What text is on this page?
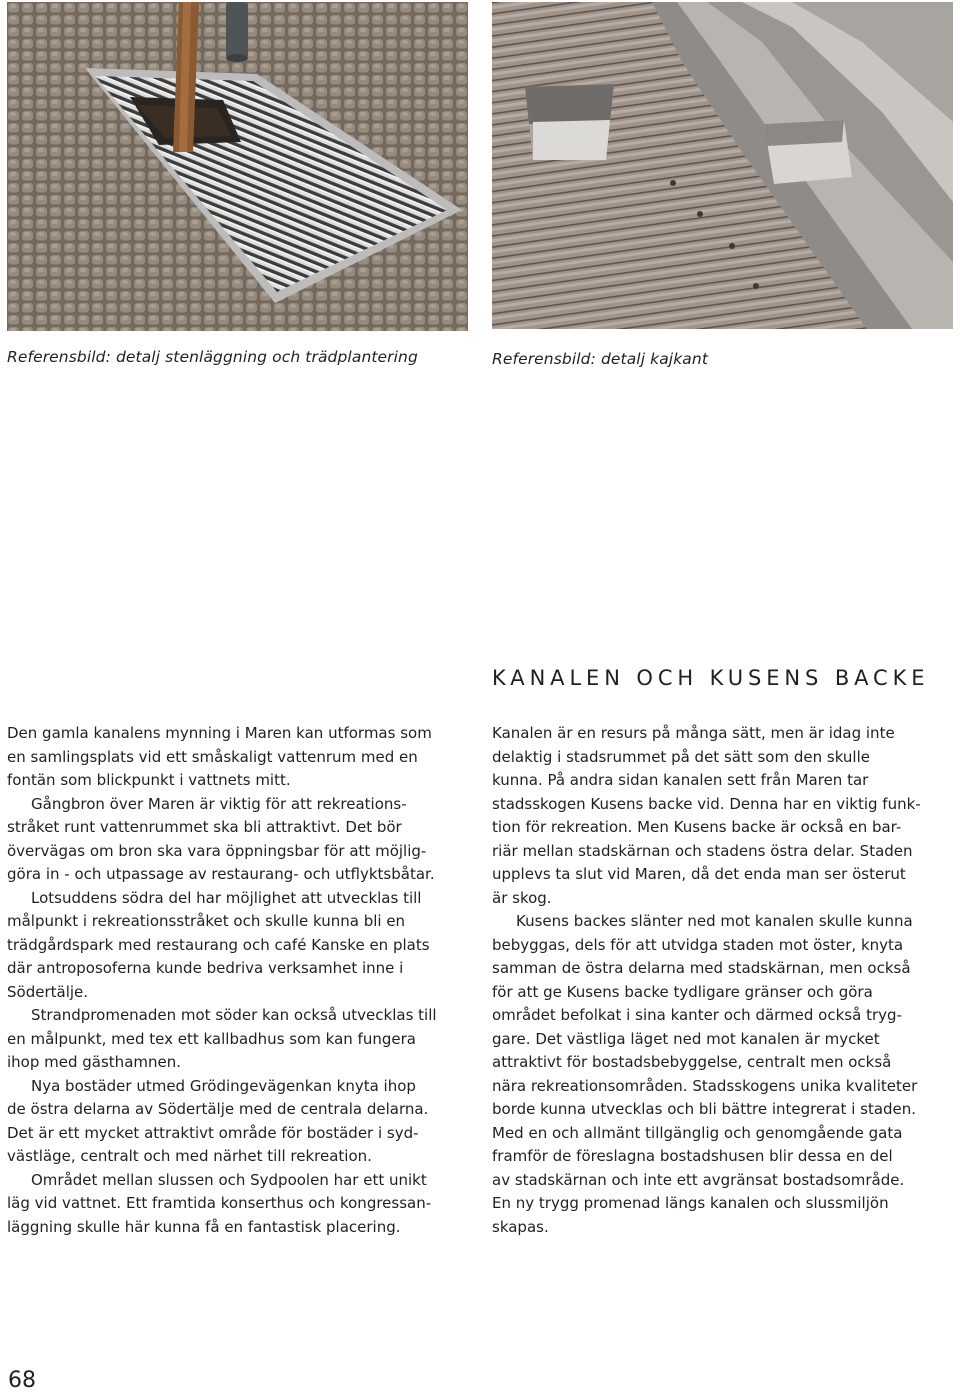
Referensbild: detalj stenläggning och trädplantering	Referensbild: detalj kajkant
KANALEN OCH KUSENS BACKE
Den gamla kanalens mynning i Maren kan utformas som
en samlingsplats vid ett småskaligt vattenrum med en
fontän som blickpunkt i vattnets mitt.
Gångbron över Maren är viktig för att rekreations-
stråket runt vattenrummet ska bli attraktivt. Det bör
övervägas om bron ska vara öppningsbar för att möjlig-
göra in - och utpassage av restaurang- och utflyktsbåtar.
Lotsuddens södra del har möjlighet att utvecklas till
målpunkt i rekreationsstråket och skulle kunna bli en
trädgårdspark med restaurang och café Kanske en plats
där antroposoferna kunde bedriva verksamhet inne i
Södertälje.
Strandpromenaden mot söder kan också utvecklas till
en målpunkt, med tex ett kallbadhus som kan fungera
ihop med gästhamnen.
Nya bostäder utmed Grödingevägenkan knyta ihop
de östra delarna av Södertälje med de centrala delarna.
Det är ett mycket attraktivt område för bostäder i syd-
västläge, centralt och med närhet till rekreation.
Området mellan slussen och Sydpoolen har ett unikt
läg vid vattnet. Ett framtida konserthus och kongressan-
läggning skulle här kunna få en fantastisk placering.
Kanalen är en resurs på många sätt, men är idag inte
delaktig i stadsrummet på det sätt som den skulle
kunna. På andra sidan kanalen sett från Maren tar
stadsskogen Kusens backe vid. Denna har en viktig funk-
tion för rekreation. Men Kusens backe är också en bar-
riär mellan stadskärnan och stadens östra delar. Staden
upplevs ta slut vid Maren, då det enda man ser österut
är skog.
Kusens backes slänter ned mot kanalen skulle kunna
bebyggas, dels för att utvidga staden mot öster, knyta
samman de östra delarna med stadskärnan, men också
för att ge Kusens backe tydligare gränser och göra
området befolkat i sina kanter och därmed också tryg-
gare. Det västliga läget ned mot kanalen är mycket
attraktivt för bostadsbebyggelse, centralt men också
nära rekreationsområden. Stadsskogens unika kvaliteter
borde kunna utvecklas och bli bättre integrerat i staden.
Med en och allmänt tillgänglig och genomgående gata
framför de föreslagna bostadshusen blir dessa en del
av stadskärnan och inte ett avgränsat bostadsområde.
En ny trygg promenad längs kanalen och slussmiljön
skapas.
68
